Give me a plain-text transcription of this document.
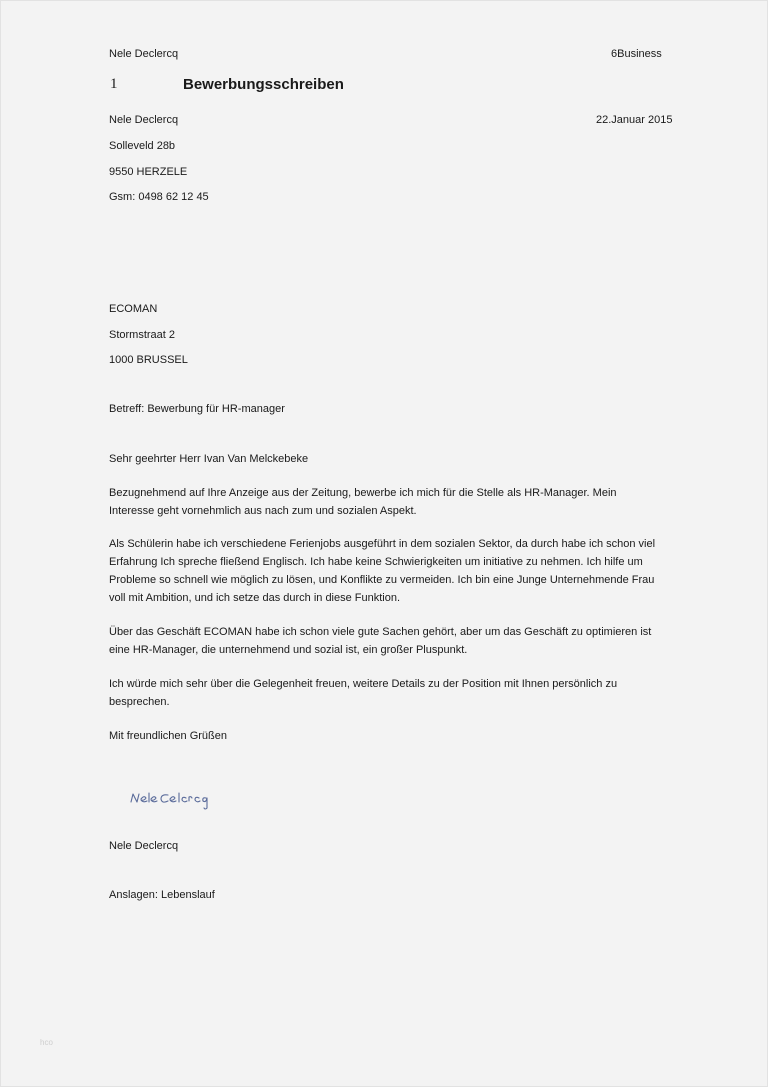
Nele Declercq	6Business
1	Bewerbungsschreiben
Nele Declercq	22.Januar 2015
Solleveld 28b
9550 HERZELE
Gsm: 0498 62 12 45
ECOMAN
Stormstraat 2
1000 BRUSSEL
Betreff: Bewerbung für HR-manager
Sehr geehrter Herr Ivan Van Melckebeke
Bezugnehmend auf Ihre Anzeige aus der Zeitung, bewerbe ich mich für die Stelle als HR-Manager. Mein
Interesse geht vornehmlich aus nach zum und sozialen Aspekt.
Als Schülerin habe ich verschiedene Ferienjobs ausgeführt in dem sozialen Sektor, da durch habe ich schon viel
Erfahrung Ich spreche fließend Englisch. Ich habe keine Schwierigkeiten um initiative zu nehmen. Ich hilfe um
Probleme so schnell wie möglich zu lösen, und Konflikte zu vermeiden. Ich bin eine Junge Unternehmende Frau
voll mit Ambition, und ich setze das durch in diese Funktion.
Über das Geschäft ECOMAN habe ich schon viele gute Sachen gehört, aber um das Geschäft zu optimieren ist
eine HR-Manager, die unternehmend und sozial ist, ein großer Pluspunkt.
Ich würde mich sehr über die Gelegenheit freuen, weitere Details zu der Position mit Ihnen persönlich zu
besprechen.
Mit freundlichen Grüßen
Nele Declercq
Anslagen: Lebenslauf
hco
